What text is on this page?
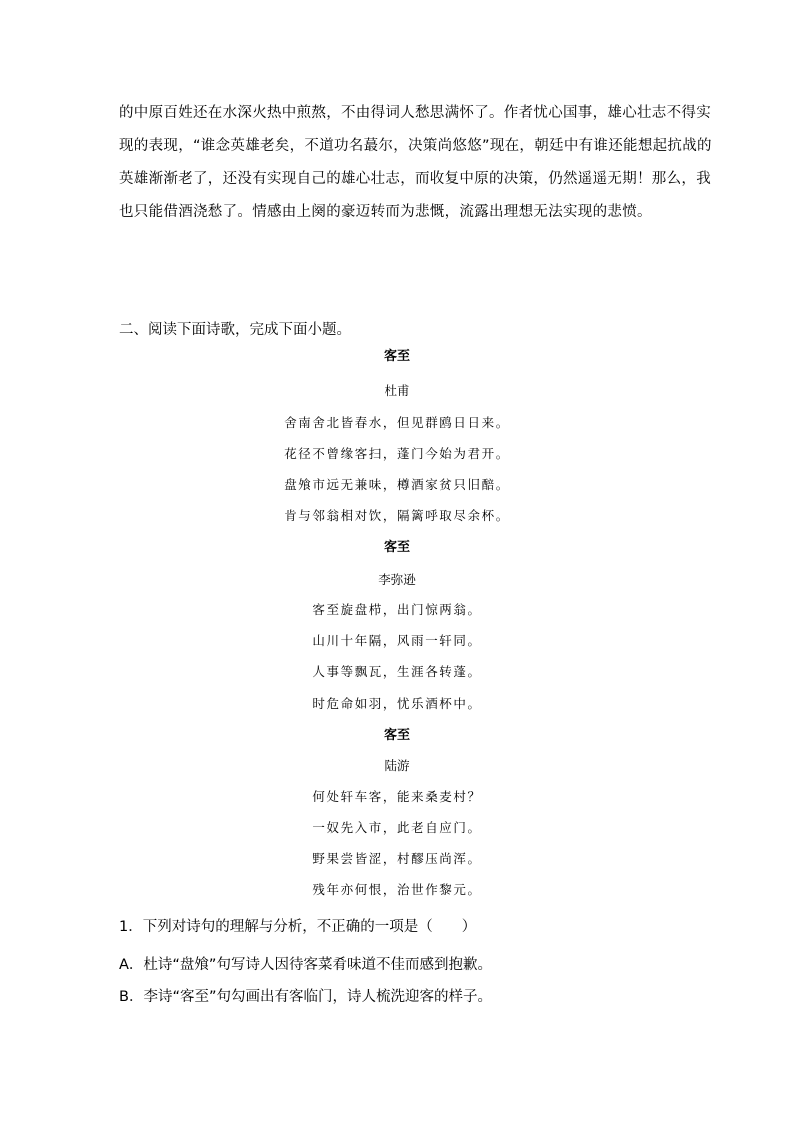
的中原百姓还在水深火热中煎熬，不由得词人愁思满怀了。作者忧心国事，雄心壮志不得实
现的表现，“谁念英雄老矣，不道功名蕞尔，决策尚悠悠”现在，朝廷中有谁还能想起抗战的
英雄渐渐老了，还没有实现自己的雄心壮志，而收复中原的决策，仍然遥遥无期！那么，我
也只能借酒浇愁了。情感由上阕的豪迈转而为悲慨，流露出理想无法实现的悲愤。
二、阅读下面诗歌，完成下面小题。
客至
杜甫
舍南舍北皆春水，但见群鸥日日来。
花径不曾缘客扫，蓬门今始为君开。
盘飧市远无兼味，樽酒家贫只旧醅。
肯与邻翁相对饮，隔篱呼取尽余杯。
客至
李弥逊
客至旋盘栉，出门惊两翁。
山川十年隔，风雨一轩同。
人事等飘瓦，生涯各转蓬。
时危命如羽，忧乐酒杯中。
客至
陆游
何处轩车客，能来桑麦村？
一奴先入市，此老自应门。
野果尝皆涩，村醪压尚浑。
残年亦何恨，治世作黎元。
1．下列对诗句的理解与分析，不正确的一项是（　　）
A．杜诗“盘飧”句写诗人因待客菜肴味道不佳而感到抱歉。
B．李诗“客至”句勾画出有客临门，诗人梳洗迎客的样子。
